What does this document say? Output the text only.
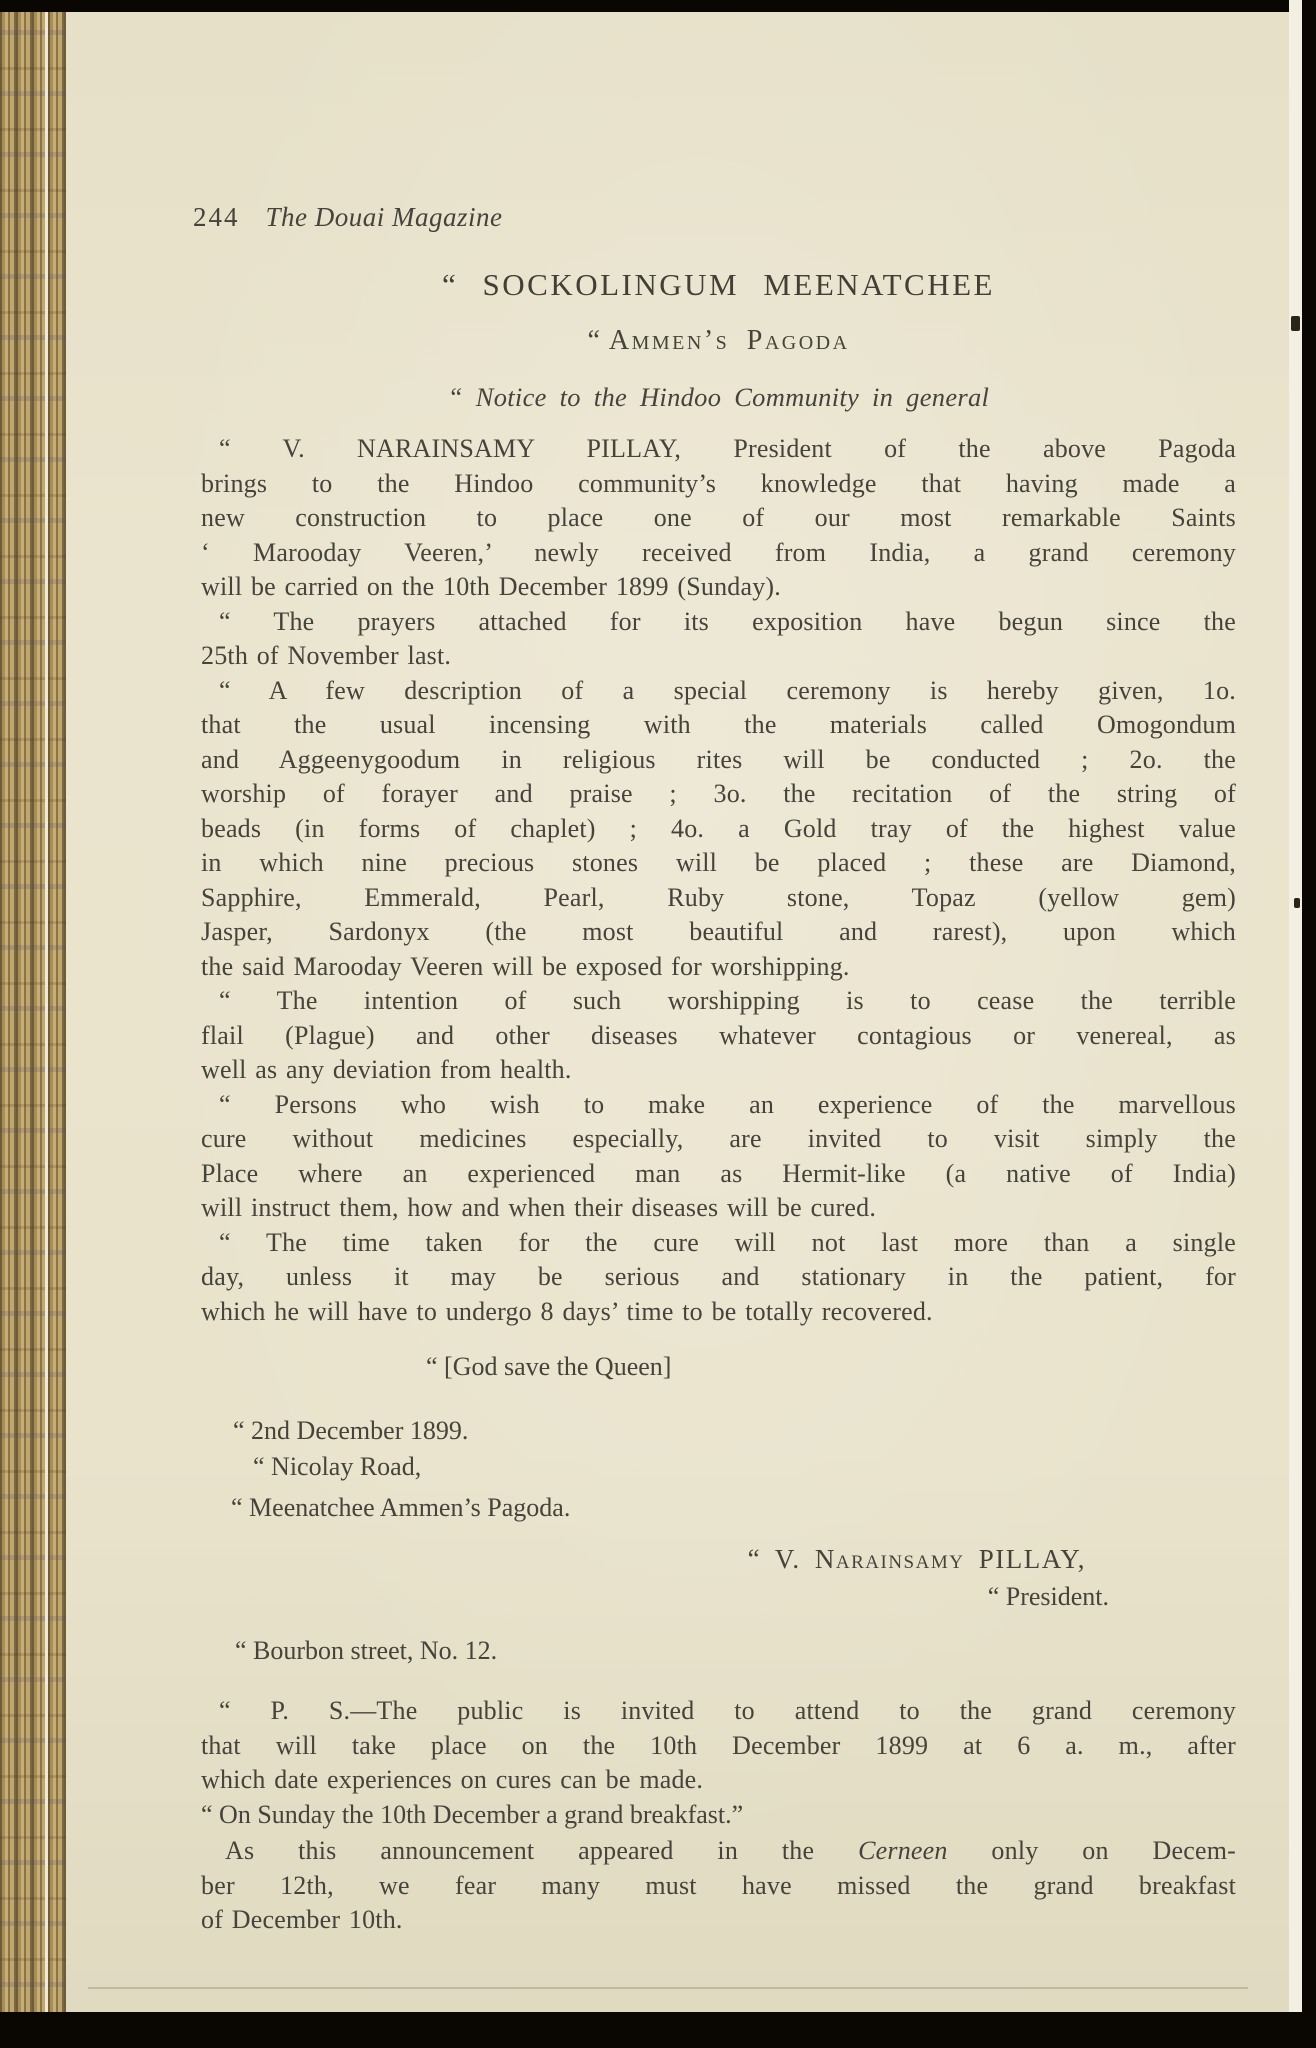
244 The Douai Magazine
“ SOCKOLINGUM MEENATCHEE
“ Ammen’s Pagoda
“ Notice to the Hindoo Community in general
“ V. NARAINSAMY PILLAY, President of the above Pagoda
brings to the Hindoo community’s knowledge that having made a
new construction to place one of our most remarkable Saints
‘ Marooday Veeren,’ newly received from India, a grand ceremony
will be carried on the 10th December 1899 (Sunday).
“ The prayers attached for its exposition have begun since the
25th of November last.
“ A few description of a special ceremony is hereby given, 1o.
that the usual incensing with the materials called Omogondum
and Aggeenygoodum in religious rites will be conducted ; 2o. the
worship of forayer and praise ; 3o. the recitation of the string of
beads (in forms of chaplet) ; 4o. a Gold tray of the highest value
in which nine precious stones will be placed ; these are Diamond,
Sapphire, Emmerald, Pearl, Ruby stone, Topaz (yellow gem)
Jasper, Sardonyx (the most beautiful and rarest), upon which
the said Marooday Veeren will be exposed for worshipping.
“ The intention of such worshipping is to cease the terrible
flail (Plague) and other diseases whatever contagious or venereal, as
well as any deviation from health.
“ Persons who wish to make an experience of the marvellous
cure without medicines especially, are invited to visit simply the
Place where an experienced man as Hermit-like (a native of India)
will instruct them, how and when their diseases will be cured.
“ The time taken for the cure will not last more than a single
day, unless it may be serious and stationary in the patient, for
which he will have to undergo 8 days’ time to be totally recovered.
“ [God save the Queen]
“ 2nd December 1899.
“ Nicolay Road,
“ Meenatchee Ammen’s Pagoda.
“ V. Narainsamy PILLAY,
“ President.
“ Bourbon street, No. 12.
“ P. S.—The public is invited to attend to the grand ceremony
that will take place on the 10th December 1899 at 6 a. m., after
which date experiences on cures can be made.
“ On Sunday the 10th December a grand breakfast.”
As this announcement appeared in the Cerneen only on Decem-
ber 12th, we fear many must have missed the grand breakfast
of December 10th.
